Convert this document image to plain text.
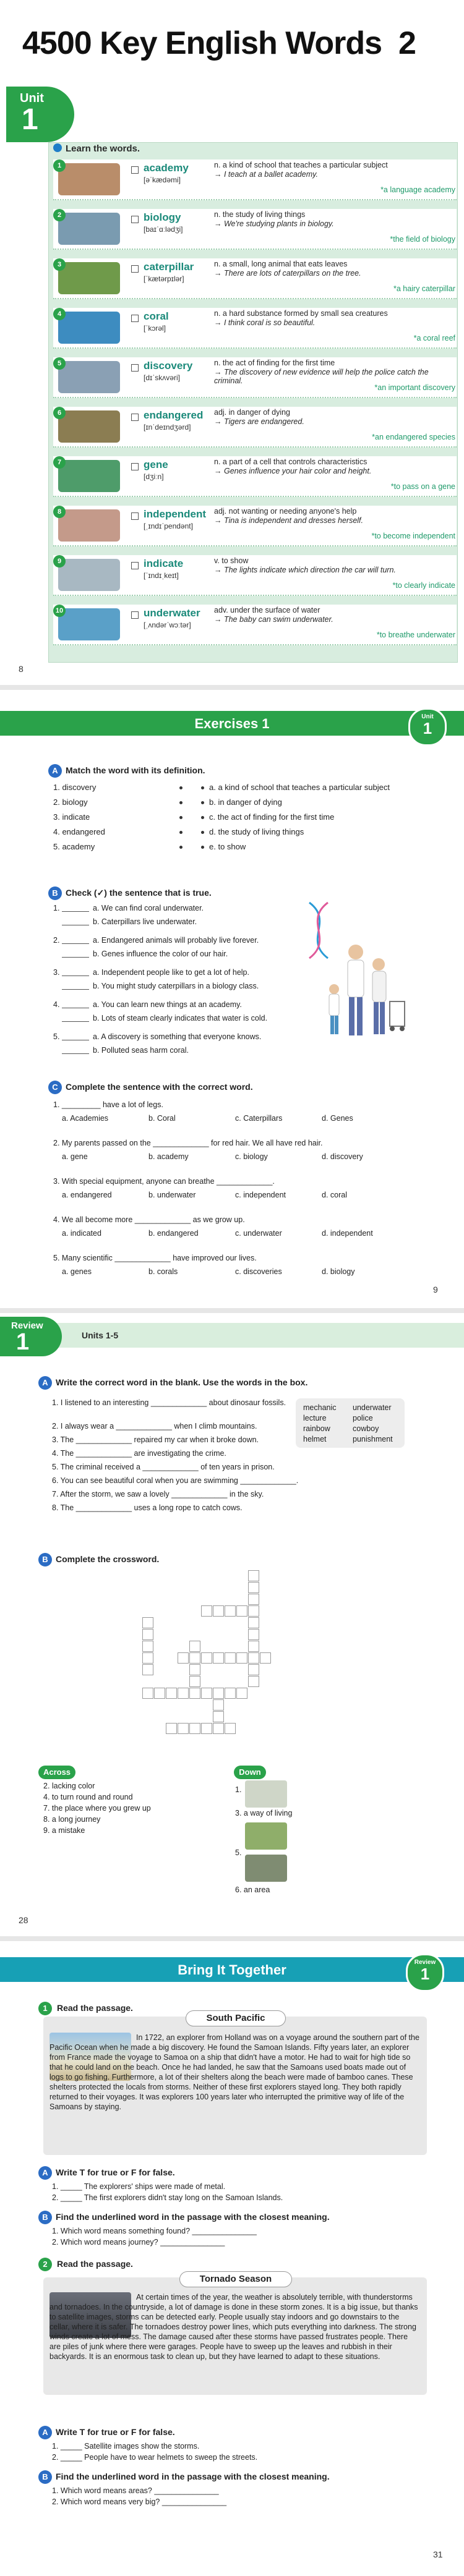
4500 Key English Words 2
Unit
1
Learn the words.
8
Exercises 1	Unit
1
A Match the word with its definition.
B Check (✓) the sentence that is true.
C Complete the sentence with the correct word.
9
Review
1	Units 1-5
A Write the correct word in the blank. Use the words in the box.
B Complete the crossword.
Across	Down
28
Bring It Together	Review
1
1	Read the passage.
South Pacific
In 1722, an explorer from Holland was on a voyage around the southern part of the Pacific Ocean when he made a big discovery. He found the Samoan Islands. Fifty years later, an explorer from France made the voyage to Samoa on a ship that didn't have a motor. He had to wait for high tide so that he could land on the beach. Once he had landed, he saw that the Samoans used boats made out of logs to go fishing. Furthermore, a lot of their shelters along the beach were made of bamboo canes. These shelters protected the locals from storms. Neither of these first explorers stayed long. They both rapidly returned to their voyages. It was explorers 100 years later who interrupted the primitive way of life of the Samoans by staying.
A Write T for true or F for false.
B Find the underlined word in the passage with the closest meaning.
2	Read the passage.
Tornado Season
At certain times of the year, the weather is absolutely terrible, with thunderstorms and tornadoes. In the countryside, a lot of damage is done in these storm zones. It is a big issue, but thanks to satellite images, storms can be detected early. People usually stay indoors and go downstairs to the cellar, where it is safer. The tornadoes destroy power lines, which puts everything into darkness. The strong winds create a lot of mess. The damage caused after these storms have passed frustrates people. There are piles of junk where there were garages. People have to sweep up the leaves and rubbish in their backyards. It is an enormous task to clean up, but they have learned to adapt to these situations.
A Write T for true or F for false.
B Find the underlined word in the passage with the closest meaning.
31
1	academy
[əˈkædəmi]
n. a kind of school that teaches a particular subject
→ I teach at a ballet academy.
*a language academy
2	biology
[baɪˈɑːlədʒi]
n. the study of living things
→ We're studying plants in biology.
*the field of biology
3	caterpillar
[ˈkætərpɪlər]
n. a small, long animal that eats leaves
→ There are lots of caterpillars on the tree.
*a hairy caterpillar
4	coral
[ˈkɔrəl]
n. a hard substance formed by small sea creatures
→ I think coral is so beautiful.
*a coral reef
5	discovery
[dɪˈskʌvəri]
n. the act of finding for the first time
→ The discovery of new evidence will help the police catch the criminal.
*an important discovery
6	endangered
[ɪnˈdeɪndʒərd]
adj. in danger of dying
→ Tigers are endangered.
*an endangered species
7	gene
[dʒiːn]
n. a part of a cell that controls characteristics
→ Genes influence your hair color and height.
*to pass on a gene
8	independent
[ˌɪndɪˈpendənt]
adj. not wanting or needing anyone's help
→ Tina is independent and dresses herself.
*to become independent
9	indicate
[ˈɪndɪˌkeɪt]
v. to show
→ The lights indicate which direction the car will turn.
*to clearly indicate
10	underwater
[ˌʌndərˈwɔːtər]
adv. under the surface of water
→ The baby can swim underwater.
*to breathe underwater
1. discovery	a. a kind of school that teaches a particular subject
2. biology	b. in danger of dying
3. indicate	c. the act of finding for the first time
4. endangered	d. the study of living things
5. academy	e. to show
1.	a. We can find coral underwater.
b. Caterpillars live underwater.
2.	a. Endangered animals will probably live forever.
b. Genes influence the color of our hair.
3.	a. Independent people like to get a lot of help.
b. You might study caterpillars in a biology class.
4.	a. You can learn new things at an academy.
b. Lots of steam clearly indicates that water is cold.
5.	a. A discovery is something that everyone knows.
b. Polluted seas harm coral.
1. _________ have a lot of legs.
a. Academies	b. Coral	c. Caterpillars	d. Genes
2. My parents passed on the _____________ for red hair. We all have red hair.
a. gene	b. academy	c. biology	d. discovery
3. With special equipment, anyone can breathe _____________.
a. endangered	b. underwater	c. independent	d. coral
4. We all become more _____________ as we grow up.
a. indicated	b. endangered	c. underwater	d. independent
5. Many scientific _____________ have improved our lives.
a. genes	b. corals	c. discoveries	d. biology
1. I listened to an interesting _____________ about dinosaur fossils.
2. I always wear a _____________ when I climb mountains.
3. The _____________ repaired my car when it broke down.
4. The _____________ are investigating the crime.
5. The criminal received a _____________ of ten years in prison.
6. You can see beautiful coral when you are swimming _____________.
7. After the storm, we saw a lovely _____________ in the sky.
8. The _____________ uses a long rope to catch cows.
mechanic underwater
lecture	police
rainbow	cowboy
helmet	punishment
2. lacking color
4. to turn round and round
7. the place where you grew up
8. a long journey
9. a mistake
1.
3. a way of living
5.
6. an area
1. _____ The explorers' ships were made of metal.
2. _____ The first explorers didn't stay long on the Samoan Islands.
1. Which word means something found? _______________
2. Which word means journey? _______________
1. _____ Satellite images show the storms.
2. _____ People have to wear helmets to sweep the streets.
1. Which word means areas? _______________
2. Which word means very big? _______________
